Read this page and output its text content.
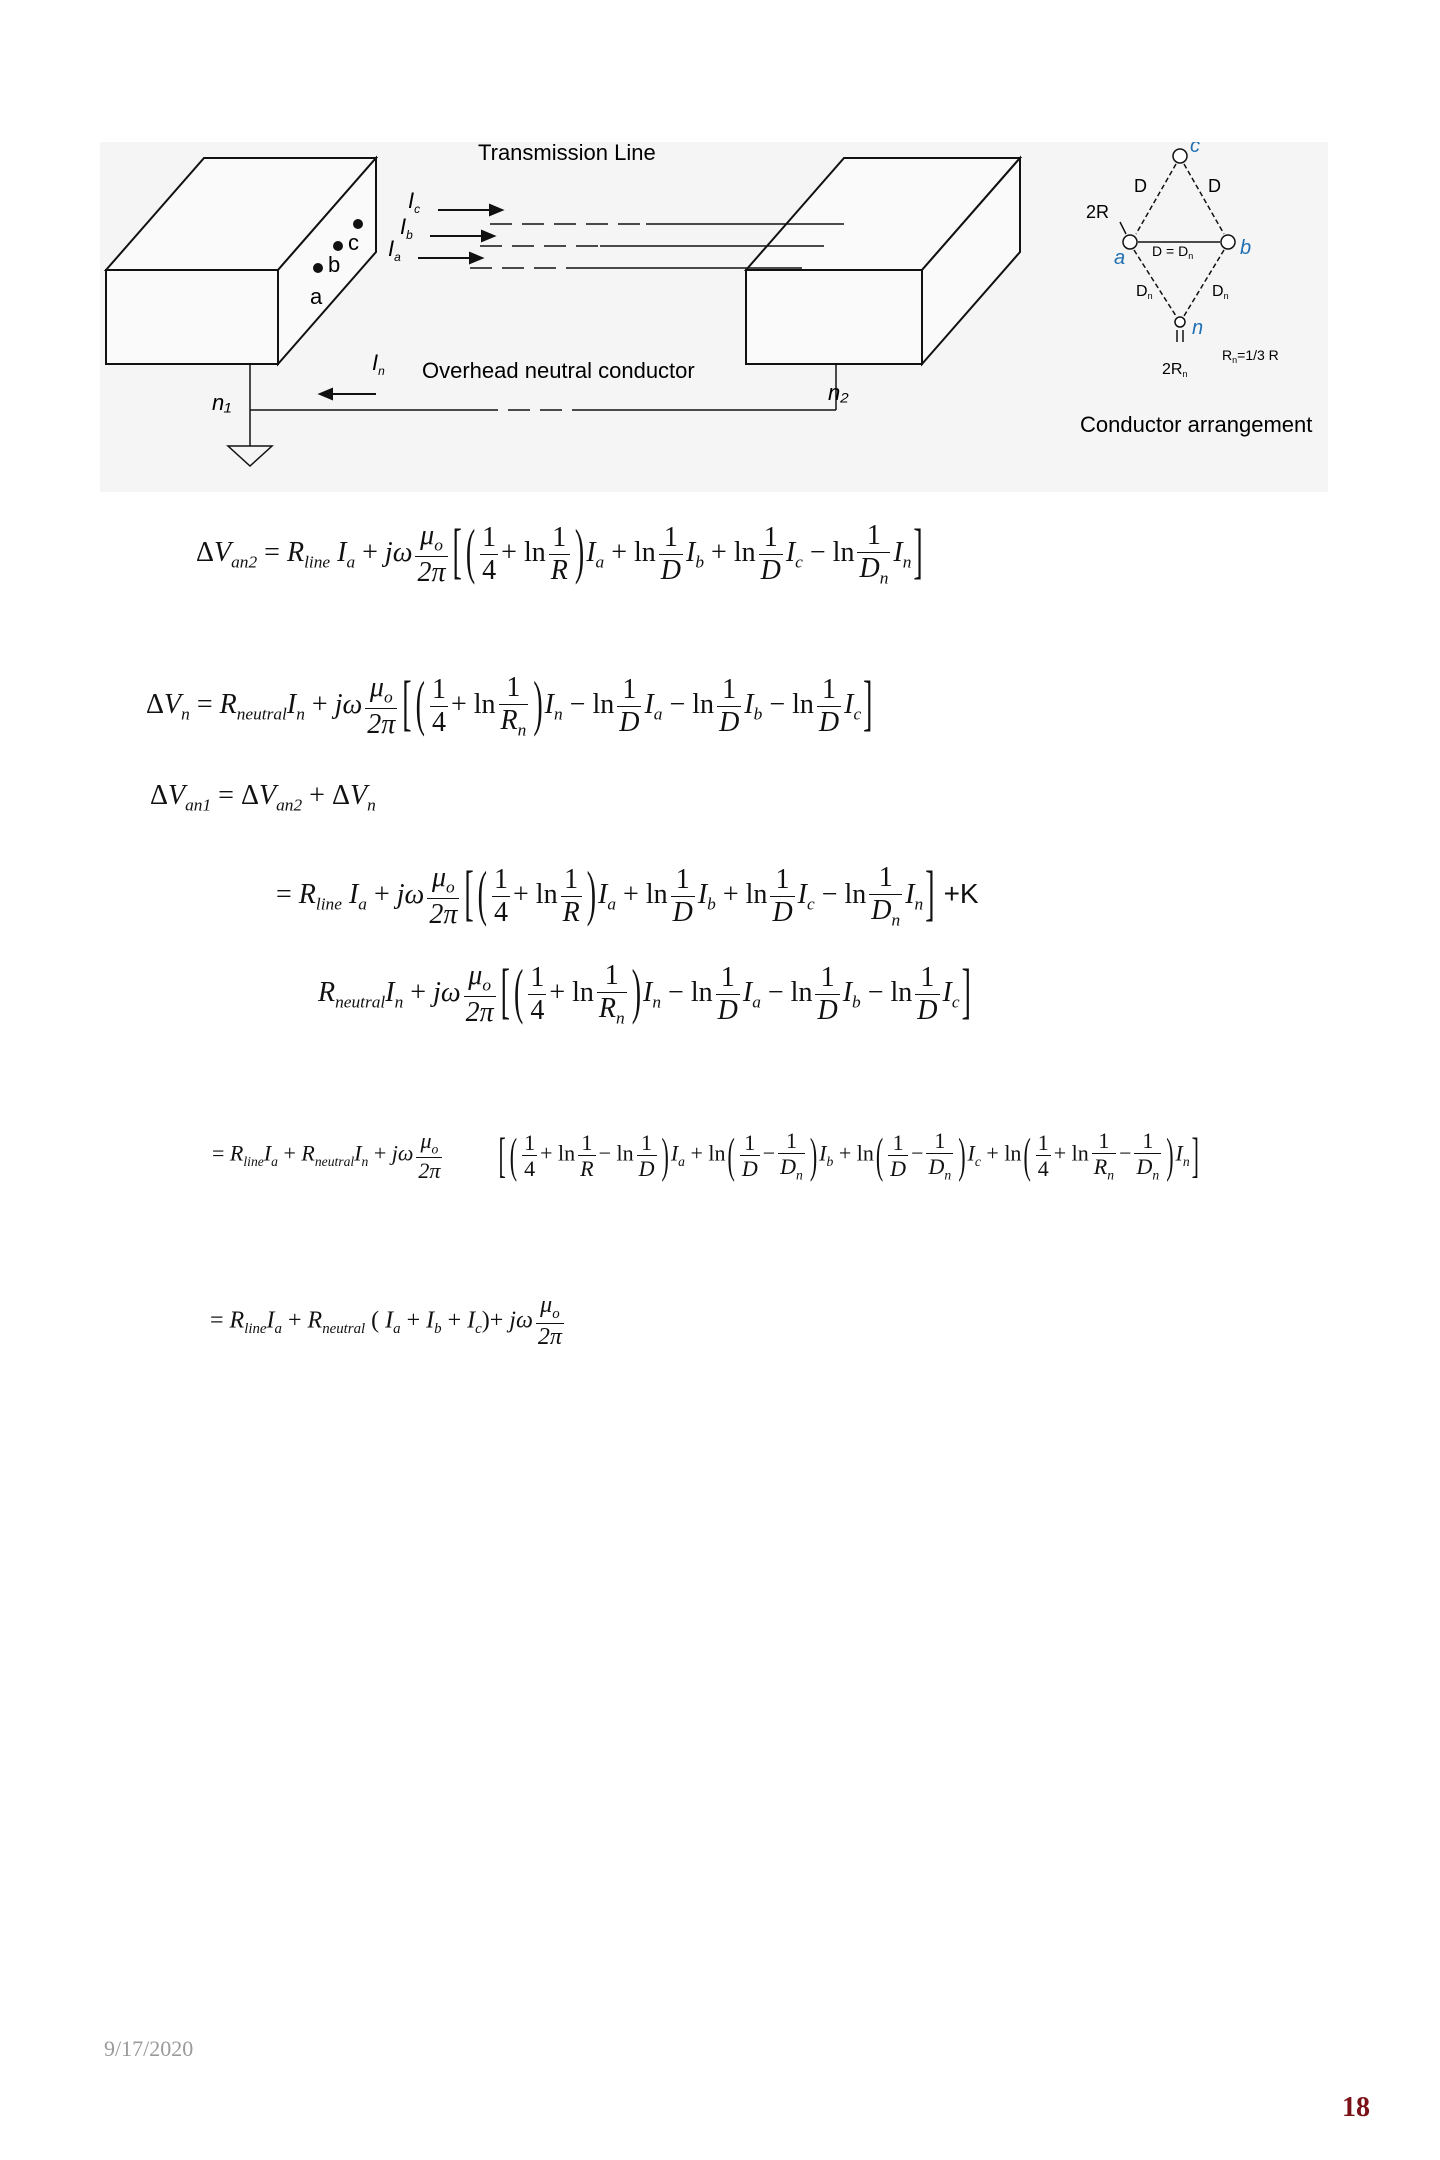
c
b
a
$I_c$
$I_b$
$I_a$
Transmission Line
$I_n$ Overhead neutral conductor
n₁	n₂
c
D	D
2R
a $D = D_n$ b
Dn	Dn
n
$R_n=1/3$ R
2Rn
Conductor arrangement
$\Delta V_{an2} = R_{line}$ $I_a + j\omega \frac{\mu_o}{2\pi}$ [ ( $\frac{1}{4} + \ln \frac{1}{R} )I_a + \ln \frac{1}{D} I_b + \ln \frac{1}{D} I_c - \ln \frac{1}{D_n} I_n$]
$\Delta V_n = R_{neutral}I_n + j\omega \frac{\mu_o}{2\pi}$ [ ( $\frac{1}{4} + \ln \frac{1}{R_n} )I_n - \ln \frac{1}{D} I_a - \ln \frac{1}{D} I_b - \ln \frac{1}{D} I_c$]
$\Delta V_{an1} = \Delta V_{an2} + \Delta V_n$
= $R_{line}$ $I_a + j\omega \frac{\mu_o}{2\pi}$ [ ( $\frac{1}{4} + \ln \frac{1}{R} )I_a + \ln \frac{1}{D} I_b + \ln \frac{1}{D} I_c - \ln \frac{1}{D_n} I_n] +K$
$R_{neutral}I_n + j\omega \frac{\mu_o}{2\pi}$ [ ( $\frac{1}{4} + \ln \frac{1}{R_n} )I_n - \ln \frac{1}{D} I_a - \ln \frac{1}{D} I_b - \ln \frac{1}{D} I_c$]
= $R_{line}I_a + R_{neutral}I_n + j\omega \frac{\mu_o}{2\pi}$	[ ( $\frac{1}{4} + \ln \frac{1}{R} - \ln \frac{1}{D} )I_a + \ln( \frac{1}{D} - \frac{1}{D_n} )I_b + \ln( \frac{1}{D} - \frac{1}{D_n} )I_c + \ln( \frac{1}{4} + \ln \frac{1}{R_n} - \frac{1}{D_n} )I_n$]
= $R_{line}I_a + R_{neutral}$ ( $I_a + I_b + I_c)+ j\omega \frac{\mu_o}{2\pi}$
9/17/2020
18
